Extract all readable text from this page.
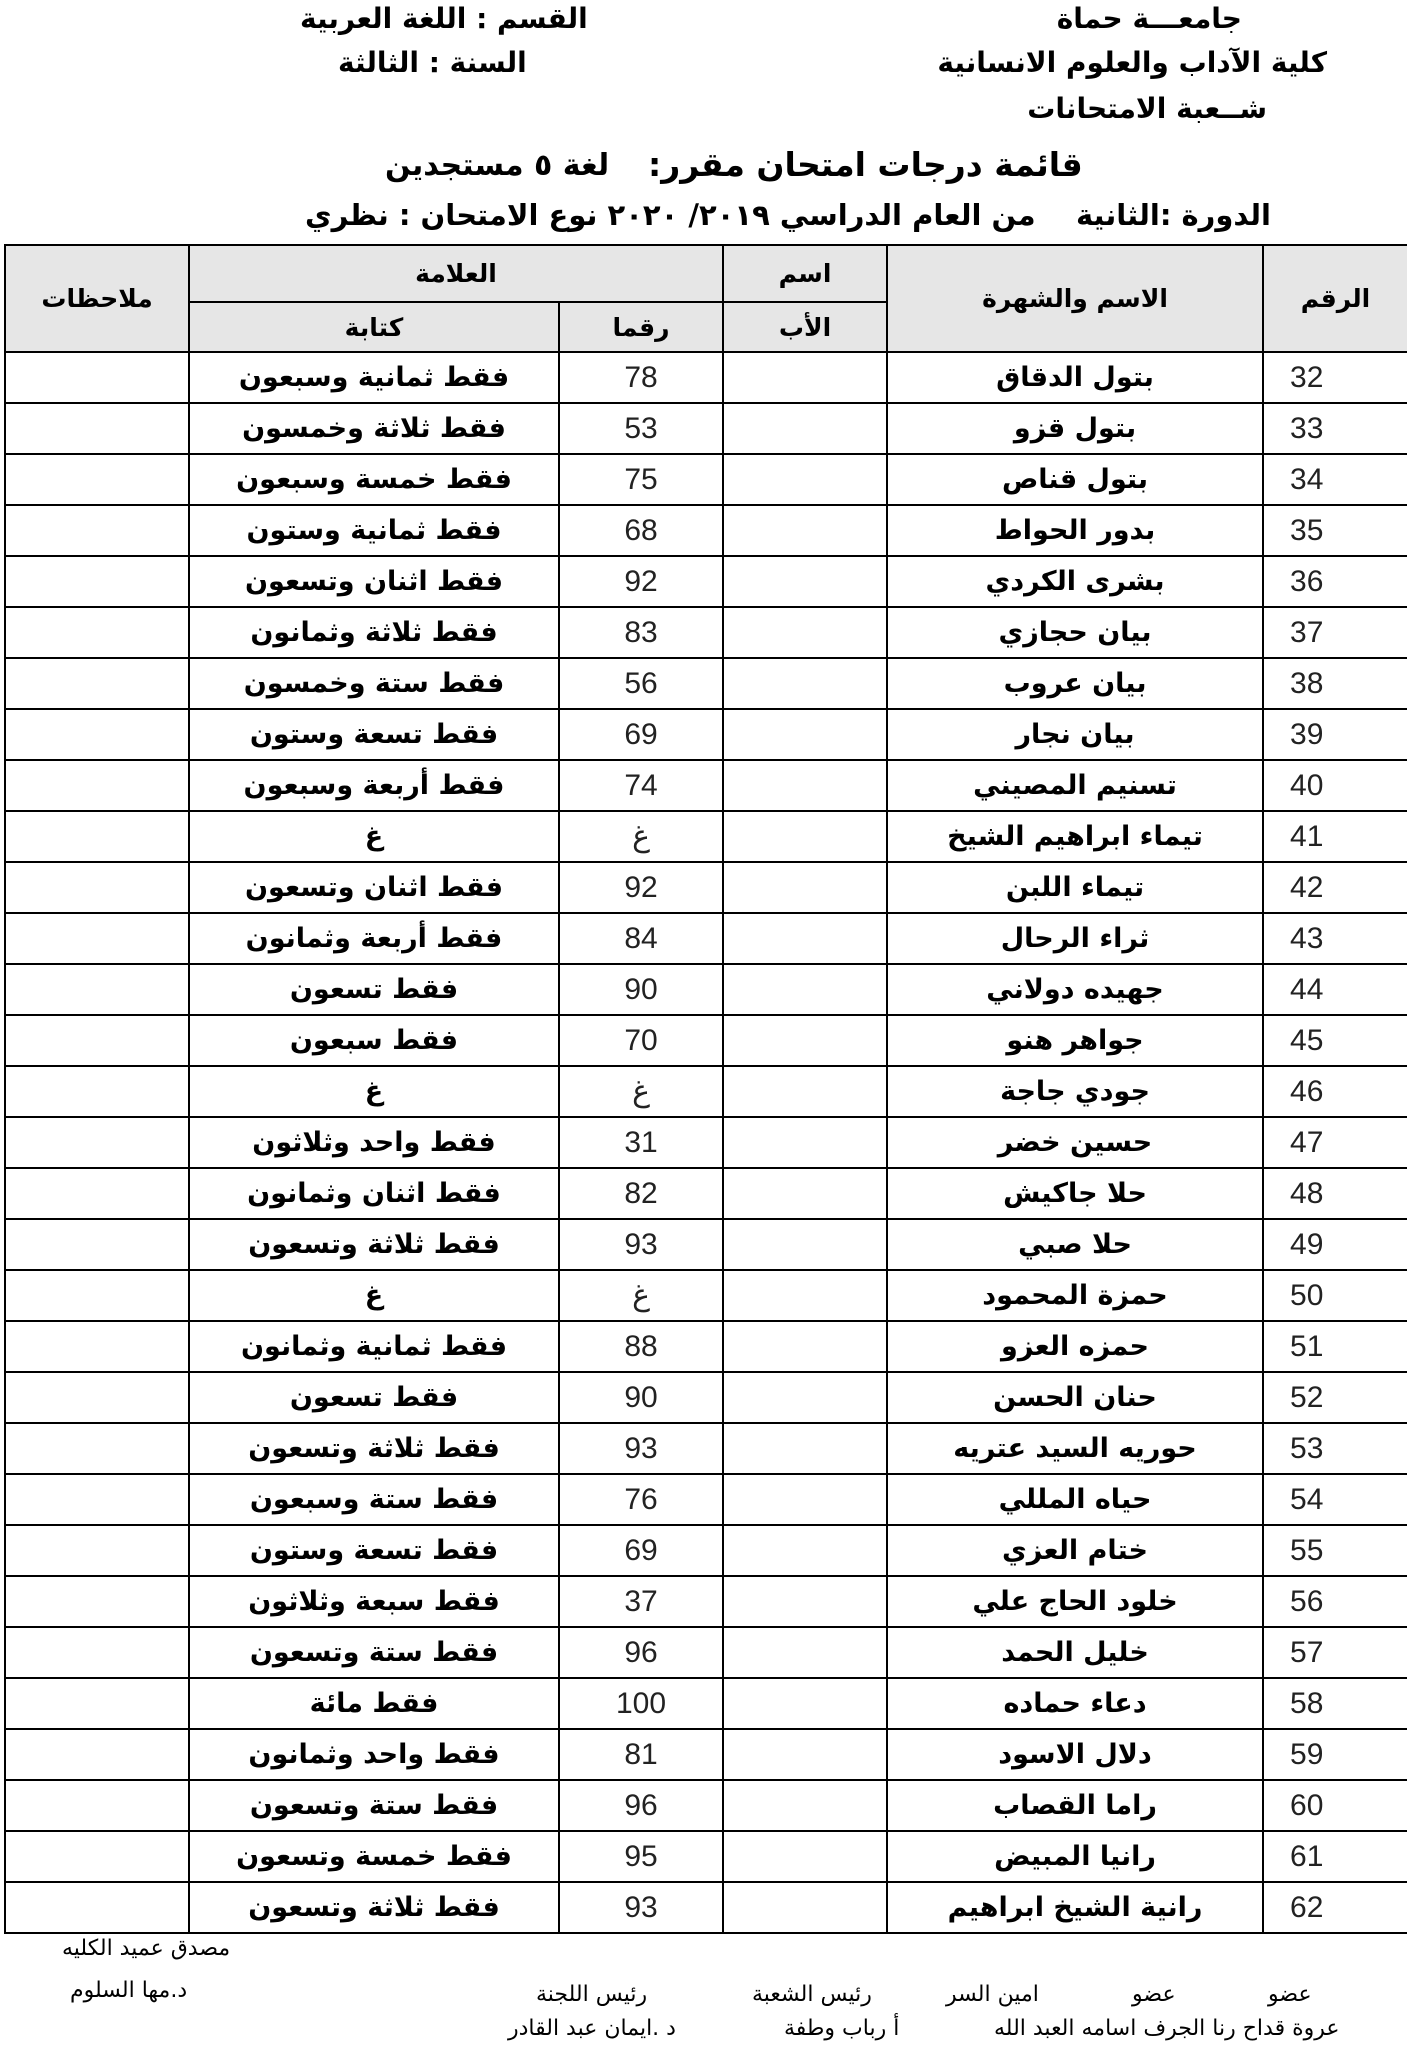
جامعـــة حماة
كلية الآداب والعلوم الانسانية
شــعبة الامتحانات
القسم : اللغة العربية
السنة : الثالثة
قائمة درجات امتحان مقرر:
لغة ٥ مستجدين
الدورة :الثانية    من العام الدراسي ٢٠١٩/ ٢٠٢٠ نوع الامتحان : نظري
الرقم	الاسم والشهرة	اسم	العلامة		ملاحظات
		الأب	رقما	كتابة	
32	بتول الدقاق		78	فقط ثمانية وسبعون	
33	بتول قزو		53	فقط ثلاثة وخمسون	
34	بتول قناص		75	فقط خمسة وسبعون	
35	بدور الحواط		68	فقط ثمانية وستون	
36	بشرى الكردي		92	فقط اثنان وتسعون	
37	بيان حجازي		83	فقط ثلاثة وثمانون	
38	بيان عروب		56	فقط ستة وخمسون	
39	بيان نجار		69	فقط تسعة وستون	
40	تسنيم المصيني		74	فقط أربعة وسبعون	
41	تيماء ابراهيم الشيخ		غ	غ	
42	تيماء اللبن		92	فقط اثنان وتسعون	
43	ثراء الرحال		84	فقط أربعة وثمانون	
44	جهيده دولاني		90	فقط تسعون	
45	جواهر هنو		70	فقط سبعون	
46	جودي جاجة		غ	غ	
47	حسين خضر		31	فقط واحد وثلاثون	
48	حلا جاكيش		82	فقط اثنان وثمانون	
49	حلا صبي		93	فقط ثلاثة وتسعون	
50	حمزة المحمود		غ	غ	
51	حمزه العزو		88	فقط ثمانية وثمانون	
52	حنان الحسن		90	فقط تسعون	
53	حوريه السيد عتريه		93	فقط ثلاثة وتسعون	
54	حياه المللي		76	فقط ستة وسبعون	
55	ختام العزي		69	فقط تسعة وستون	
56	خلود الحاج علي		37	فقط سبعة وثلاثون	
57	خليل الحمد		96	فقط ستة وتسعون	
58	دعاء حماده		100	فقط مائة	
59	دلال الاسود		81	فقط واحد وثمانون	
60	راما القصاب		96	فقط ستة وتسعون	
61	رانيا المبيض		95	فقط خمسة وتسعون	
62	رانية الشيخ ابراهيم		93	فقط ثلاثة وتسعون	
مصدق عميد الكليه
د.مها السلوم	عضو
عضو
امين السر
رئيس الشعبة
رئيس اللجنة
عروة قداح رنا الجرف اسامه العبد الله
أ رباب وطفة
د .ايمان عبد القادر
